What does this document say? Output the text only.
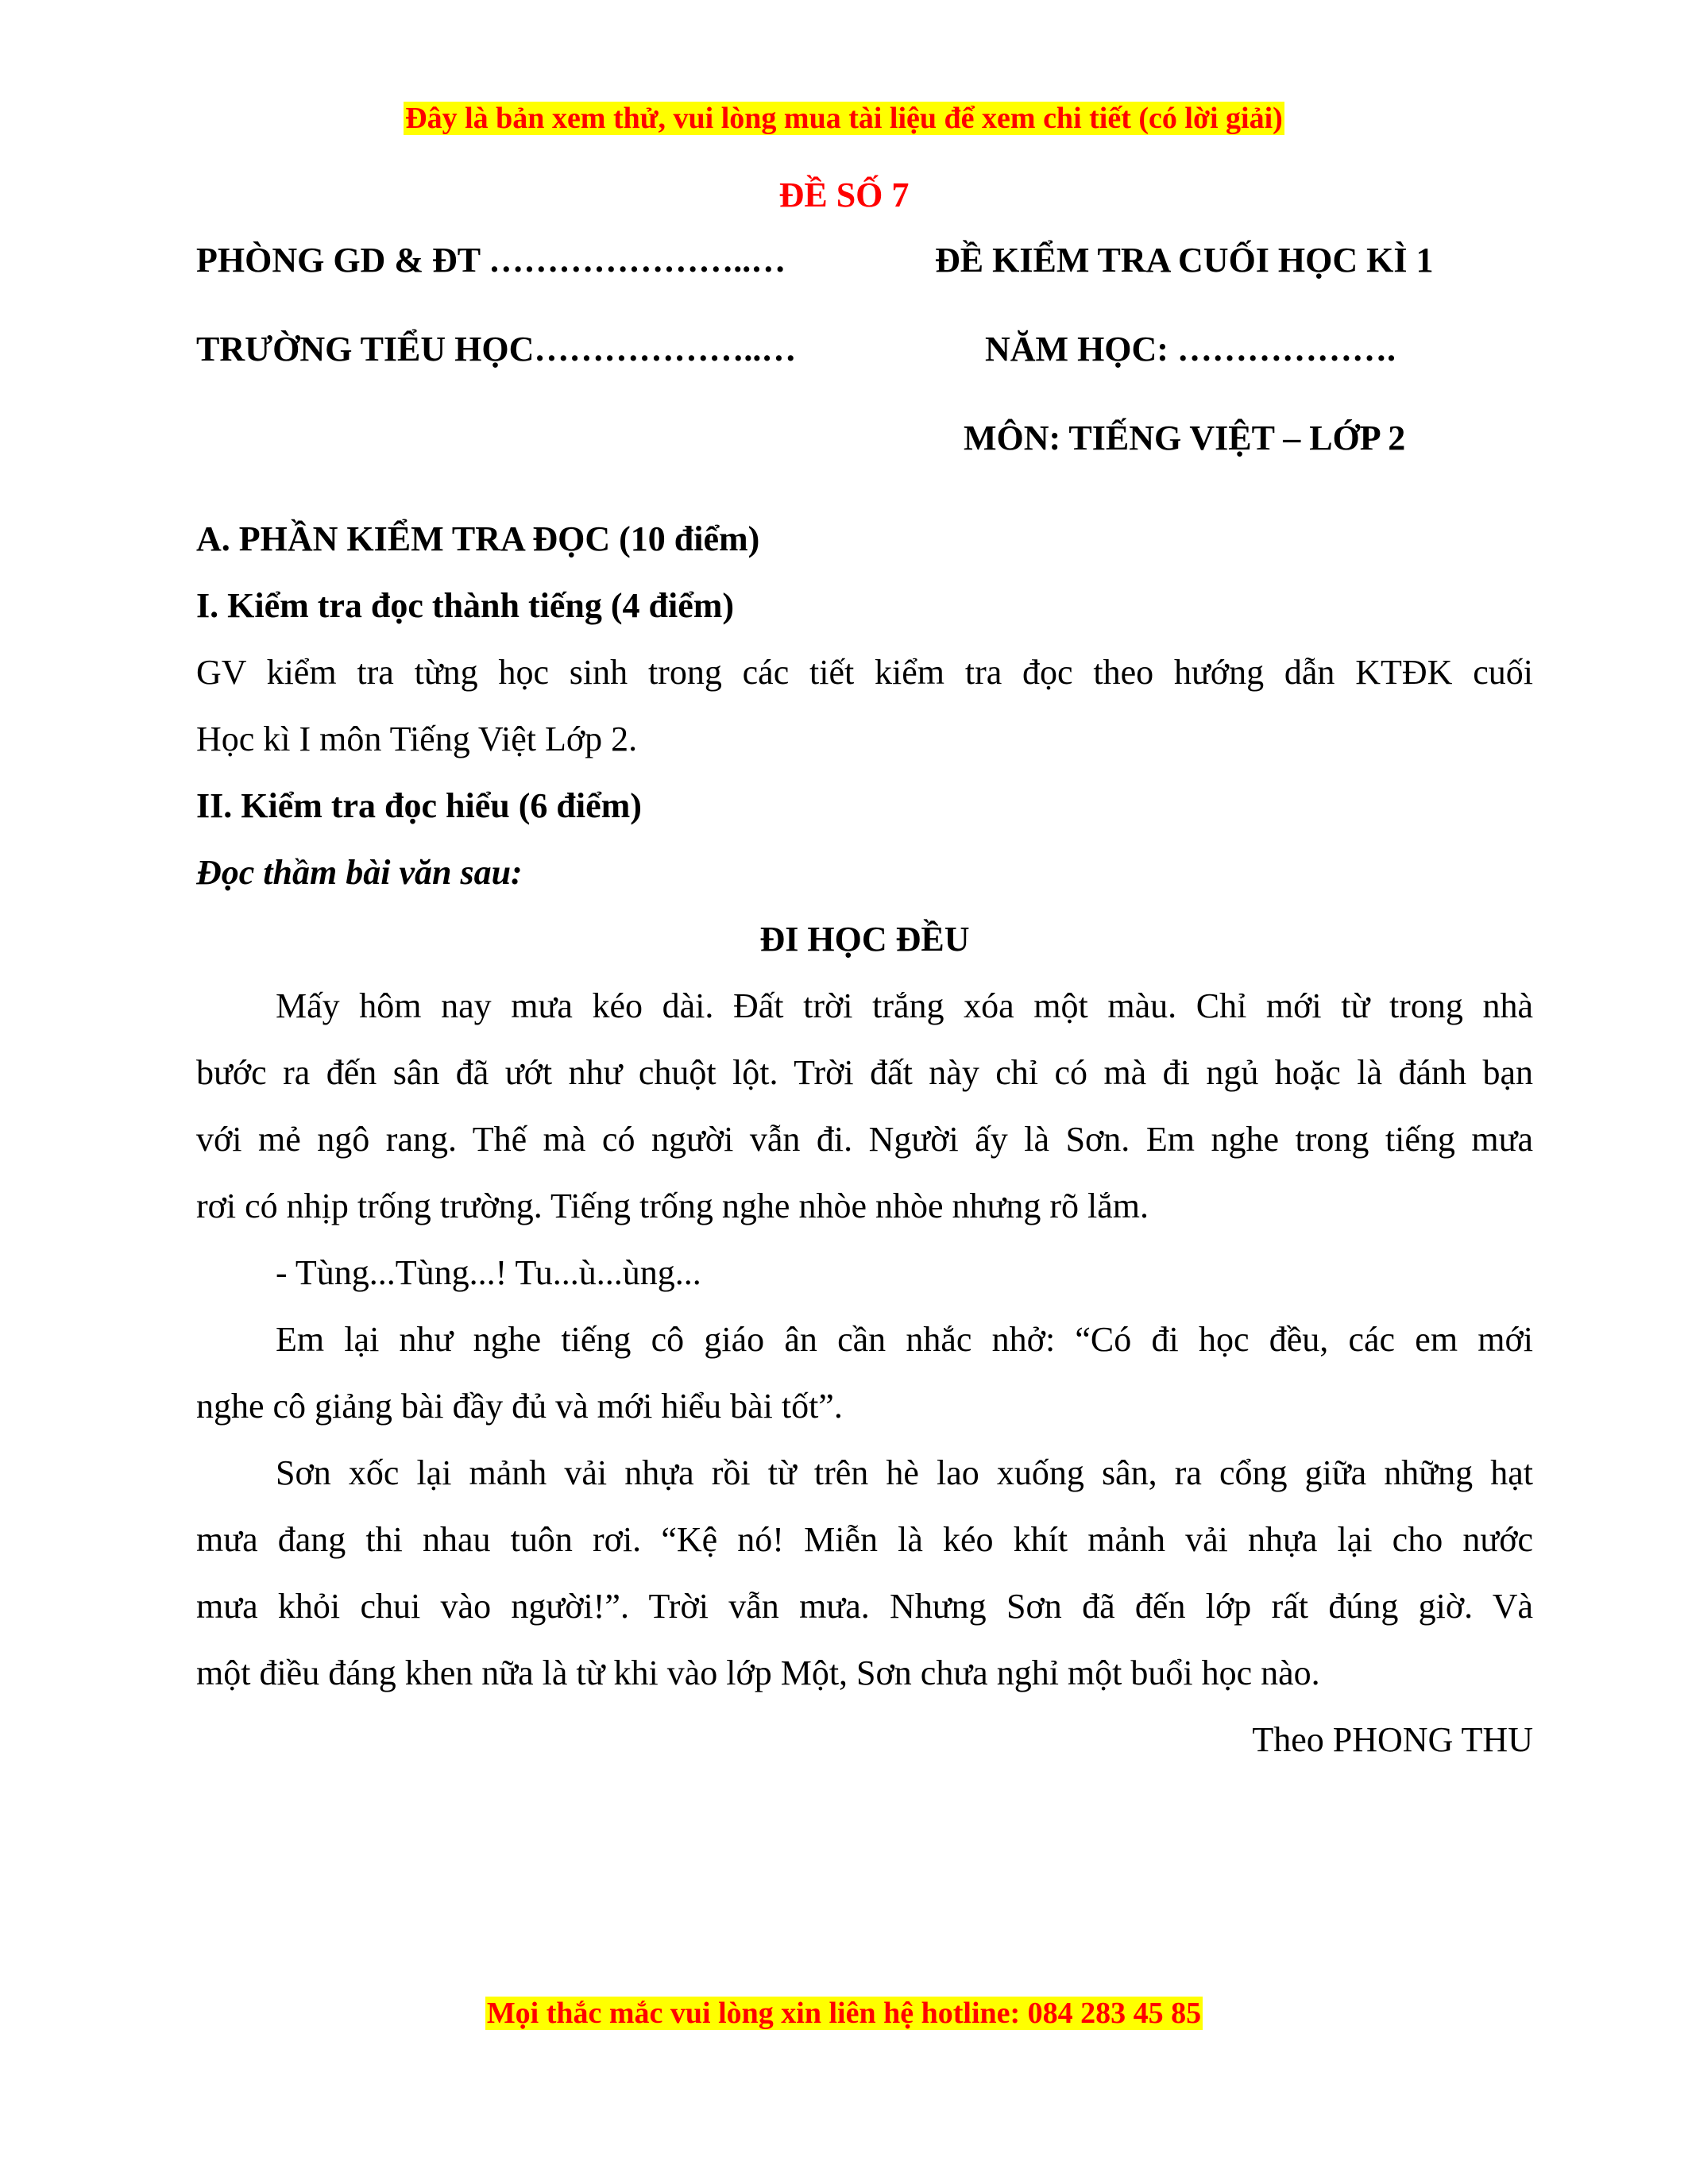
Đây là bản xem thử, vui lòng mua tài liệu để xem chi tiết (có lời giải)
ĐỀ SỐ 7
PHÒNG GD & ĐT …………………..…	ĐỀ KIỂM TRA CUỐI HỌC KÌ 1
TRƯỜNG TIỂU HỌC………………..…	NĂM HỌC: ……………….
MÔN: TIẾNG VIỆT – LỚP 2
A. PHẦN KIỂM TRA ĐỌC (10 điểm)
I. Kiểm tra đọc thành tiếng (4 điểm)
GV kiểm tra từng học sinh trong các tiết kiểm tra đọc theo hướng dẫn KTĐK cuối
Học kì I môn Tiếng Việt Lớp 2.
II. Kiểm tra đọc hiểu (6 điểm)
Đọc thầm bài văn sau:
ĐI HỌC ĐỀU
Mấy hôm nay mưa kéo dài. Đất trời trắng xóa một màu. Chỉ mới từ trong nhà
bước ra đến sân đã ướt như chuột lột. Trời đất này chỉ có mà đi ngủ hoặc là đánh bạn
với mẻ ngô rang. Thế mà có người vẫn đi. Người ấy là Sơn. Em nghe trong tiếng mưa
rơi có nhịp trống trường. Tiếng trống nghe nhòe nhòe nhưng rõ lắm.
- Tùng...Tùng...! Tu...ù...ùng...
Em lại như nghe tiếng cô giáo ân cần nhắc nhở: “Có đi học đều, các em mới
nghe cô giảng bài đầy đủ và mới hiểu bài tốt”.
Sơn xốc lại mảnh vải nhựa rồi từ trên hè lao xuống sân, ra cổng giữa những hạt
mưa đang thi nhau tuôn rơi. “Kệ nó! Miễn là kéo khít mảnh vải nhựa lại cho nước
mưa khỏi chui vào người!”. Trời vẫn mưa. Nhưng Sơn đã đến lớp rất đúng giờ. Và
một điều đáng khen nữa là từ khi vào lớp Một, Sơn chưa nghỉ một buổi học nào.
Theo PHONG THU
Mọi thắc mắc vui lòng xin liên hệ hotline: 084 283 45 85
